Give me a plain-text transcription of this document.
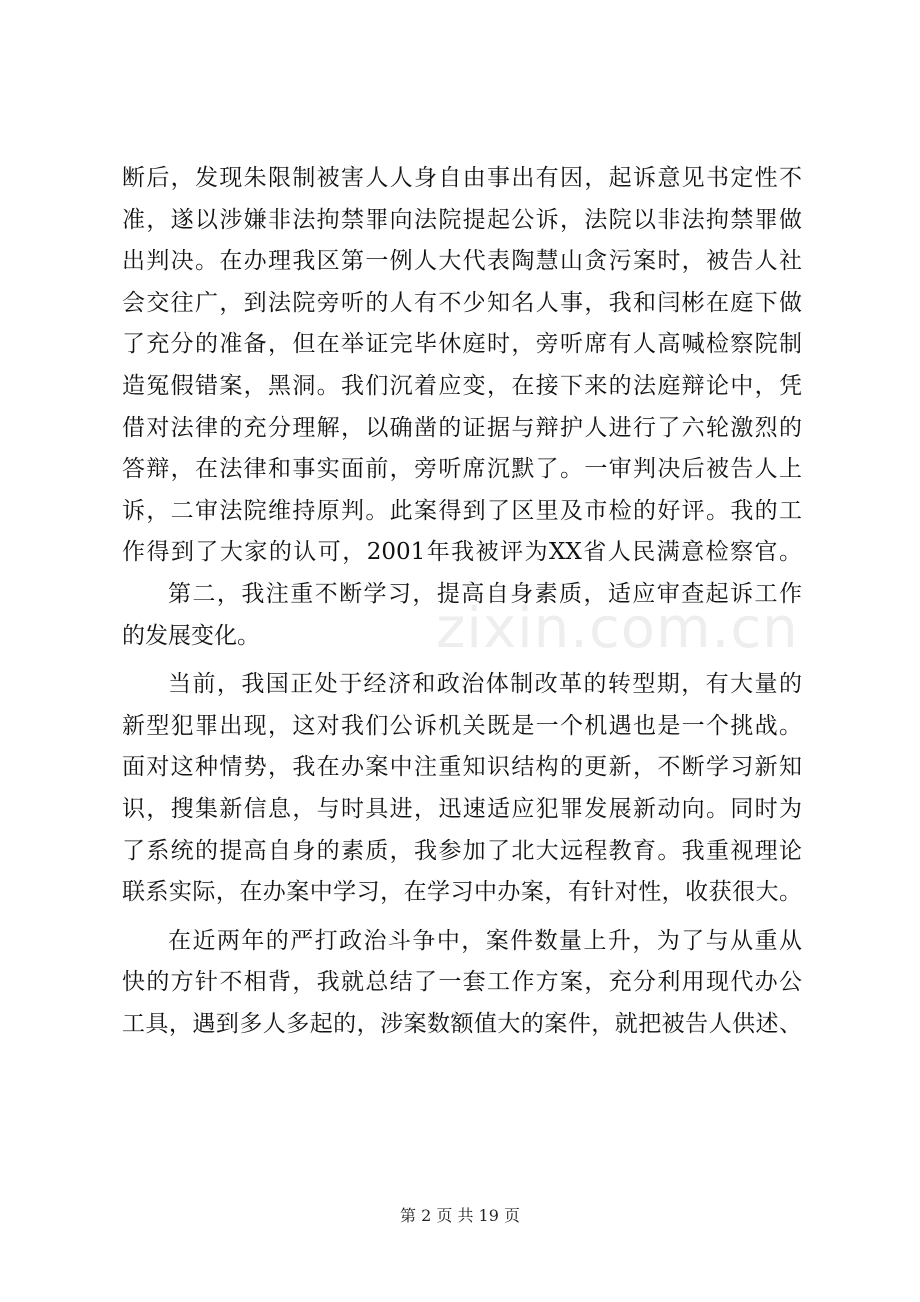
断后，发现朱限制被害人人身自由事出有因，起诉意见书定性不
准，遂以涉嫌非法拘禁罪向法院提起公诉，法院以非法拘禁罪做
出判决。在办理我区第一例人大代表陶慧山贪污案时，被告人社
会交往广，到法院旁听的人有不少知名人事，我和闫彬在庭下做
了充分的准备，但在举证完毕休庭时，旁听席有人高喊检察院制
造冤假错案，黑洞。我们沉着应变，在接下来的法庭辩论中，凭
借对法律的充分理解，以确凿的证据与辩护人进行了六轮激烈的
答辩，在法律和事实面前，旁听席沉默了。一审判决后被告人上
诉，二审法院维持原判。此案得到了区里及市检的好评。我的工
作得到了大家的认可，2001年我被评为XX省人民满意检察官。
第二，我注重不断学习，提高自身素质，适应审查起诉工作
的发展变化。
当前，我国正处于经济和政治体制改革的转型期，有大量的
新型犯罪出现，这对我们公诉机关既是一个机遇也是一个挑战。
面对这种情势，我在办案中注重知识结构的更新，不断学习新知
识，搜集新信息，与时具进，迅速适应犯罪发展新动向。同时为
了系统的提高自身的素质，我参加了北大远程教育。我重视理论
联系实际，在办案中学习，在学习中办案，有针对性，收获很大。
在近两年的严打政治斗争中，案件数量上升，为了与从重从
快的方针不相背，我就总结了一套工作方案，充分利用现代办公
工具，遇到多人多起的，涉案数额值大的案件，就把被告人供述、
zixin.com.cn
第 2 页 共 19 页
